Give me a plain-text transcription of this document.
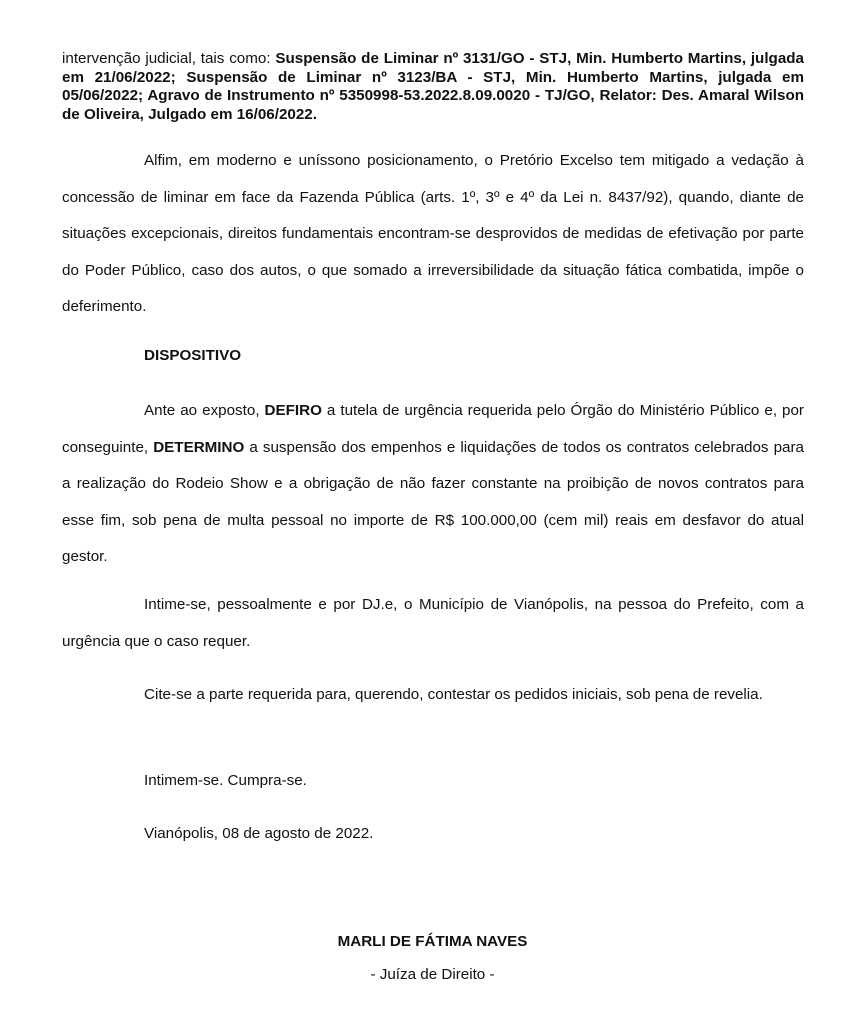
intervenção judicial, tais como: Suspensão de Liminar nº 3131/GO - STJ, Min. Humberto Martins, julgada em 21/06/2022; Suspensão de Liminar nº 3123/BA - STJ, Min. Humberto Martins, julgada em 05/06/2022; Agravo de Instrumento nº 5350998-53.2022.8.09.0020 - TJ/GO, Relator: Des. Amaral Wilson de Oliveira, Julgado em 16/06/2022.

Alfim, em moderno e uníssono posicionamento, o Pretório Excelso tem mitigado a vedação à concessão de liminar em face da Fazenda Pública (arts. 1º, 3º e 4º da Lei n. 8437/92), quando, diante de situações excepcionais, direitos fundamentais encontram-se desprovidos de medidas de efetivação por parte do Poder Público, caso dos autos, o que somado a irreversibilidade da situação fática combatida, impõe o deferimento.

DISPOSITIVO

Ante ao exposto, DEFIRO a tutela de urgência requerida pelo Órgão do Ministério Público e, por conseguinte, DETERMINO a suspensão dos empenhos e liquidações de todos os contratos celebrados para a realização do Rodeio Show e a obrigação de não fazer constante na proibição de novos contratos para esse fim, sob pena de multa pessoal no importe de R$ 100.000,00 (cem mil) reais em desfavor do atual gestor.

Intime-se, pessoalmente e por DJ.e, o Município de Vianópolis, na pessoa do Prefeito, com a urgência que o caso requer.

Cite-se a parte requerida para, querendo, contestar os pedidos iniciais, sob pena de revelia.

Intimem-se. Cumpra-se.

Vianópolis, 08 de agosto de 2022.

MARLI DE FÁTIMA NAVES

- Juíza de Direito -
